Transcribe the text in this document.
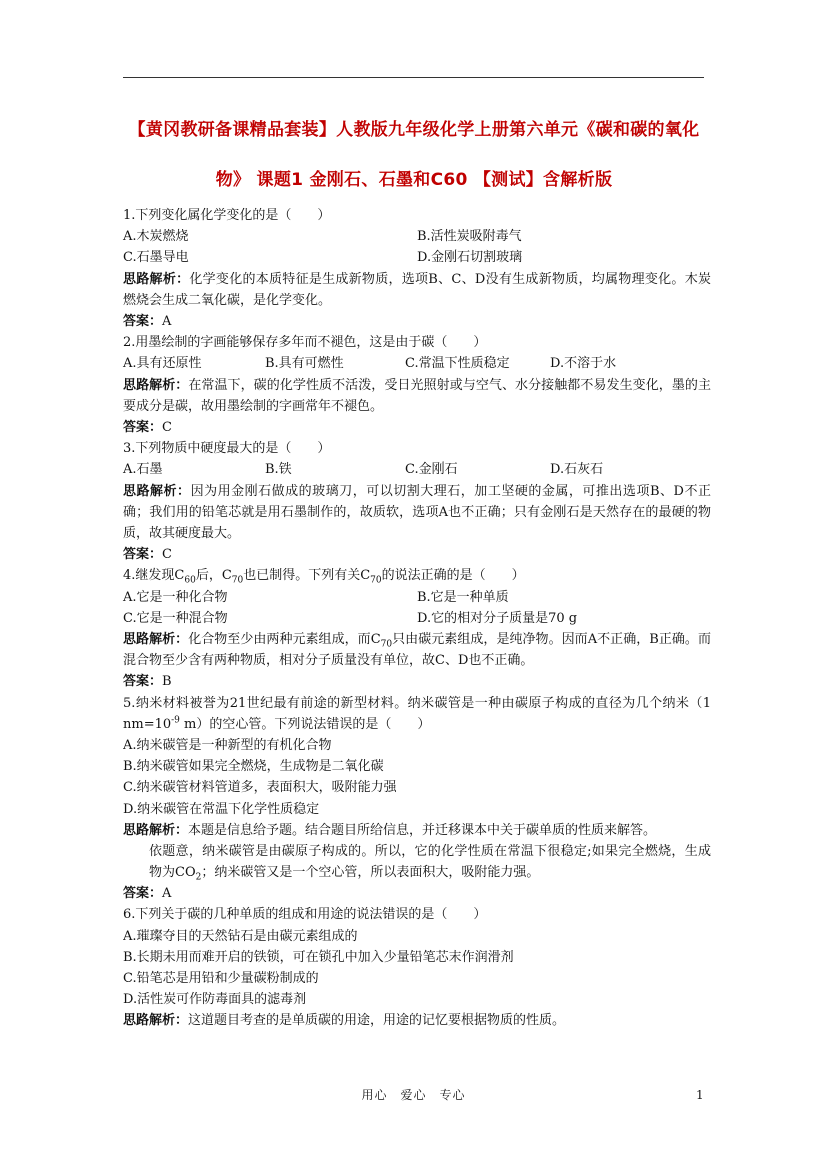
【黄冈教研备课精品套装】人教版九年级化学上册第六单元《碳和碳的氧化物》 课题1 金刚石、石墨和C60 【测试】含解析版
1.下列变化属化学变化的是（　　）
A.木炭燃烧	B.活性炭吸附毒气
C.石墨导电	D.金刚石切割玻璃
思路解析：化学变化的本质特征是生成新物质，选项B、C、D没有生成新物质，均属物理变化。木炭燃烧会生成二氧化碳，是化学变化。
答案：A
2.用墨绘制的字画能够保存多年而不褪色，这是由于碳（　　）
A.具有还原性	B.具有可燃性	C.常温下性质稳定	D.不溶于水
思路解析：在常温下，碳的化学性质不活泼，受日光照射或与空气、水分接触都不易发生变化，墨的主要成分是碳，故用墨绘制的字画常年不褪色。
答案：C
3.下列物质中硬度最大的是（　　）
A.石墨	B.铁	C.金刚石	D.石灰石
思路解析：因为用金刚石做成的玻璃刀，可以切割大理石，加工坚硬的金属，可推出选项B、D不正确；我们用的铅笔芯就是用石墨制作的，故质软，选项A也不正确；只有金刚石是天然存在的最硬的物质，故其硬度最大。
答案：C
4.继发现$C_{60}$后，$C_{70}$也已制得。下列有关$C_{70}$的说法正确的是（　　）
A.它是一种化合物	B.它是一种单质
C.它是一种混合物	D.它的相对分子质量是70 g
思路解析：化合物至少由两种元素组成，而$C_{70}$只由碳元素组成，是纯净物。因而A不正确，B正确。而混合物至少含有两种物质，相对分子质量没有单位，故C、D也不正确。
答案：B
5.纳米材料被誉为21世纪最有前途的新型材料。纳米碳管是一种由碳原子构成的直径为几个纳米（1 $nm=10^{-9}$ m）的空心管。下列说法错误的是（　　）
A.纳米碳管是一种新型的有机化合物
B.纳米碳管如果完全燃烧，生成物是二氧化碳
C.纳米碳管材料管道多，表面积大，吸附能力强
D.纳米碳管在常温下化学性质稳定
思路解析：本题是信息给予题。结合题目所给信息，并迁移课本中关于碳单质的性质来解答。
依题意，纳米碳管是由碳原子构成的。所以，它的化学性质在常温下很稳定;如果完全燃烧，生成物为$CO_2$；纳米碳管又是一个空心管，所以表面积大，吸附能力强。
答案：A
6.下列关于碳的几种单质的组成和用途的说法错误的是（　　）
A.璀璨夺目的天然钻石是由碳元素组成的
B.长期未用而难开启的铁锁，可在锁孔中加入少量铅笔芯末作润滑剂
C.铅笔芯是用铅和少量碳粉制成的
D.活性炭可作防毒面具的滤毒剂
思路解析：这道题目考查的是单质碳的用途，用途的记忆要根据物质的性质。
用心　爱心　专心	1
